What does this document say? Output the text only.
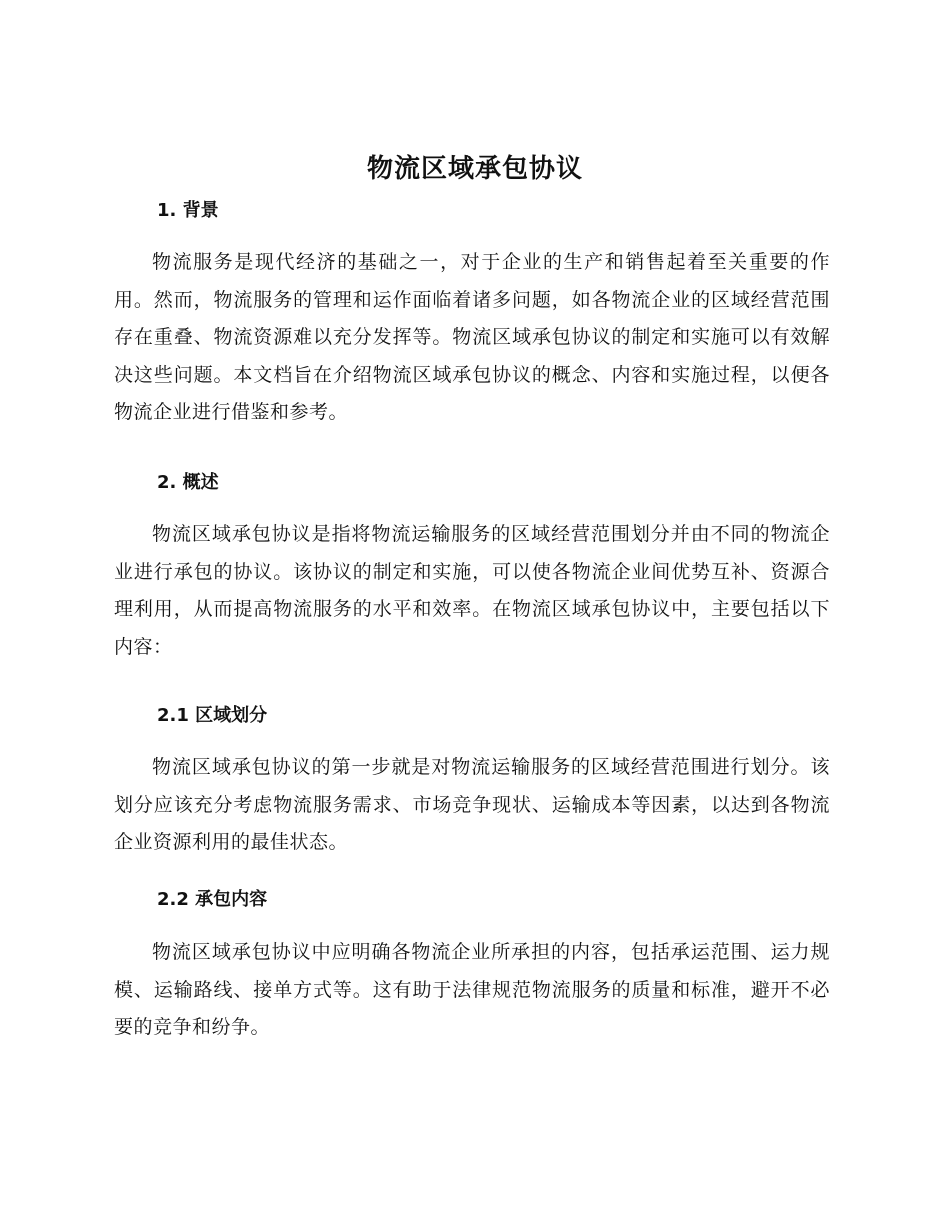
物流区域承包协议
1. 背景

物流服务是现代经济的基础之一，对于企业的生产和销售起着至关重要的作用。然而，物流服务的管理和运作面临着诸多问题，如各物流企业的区域经营范围存在重叠、物流资源难以充分发挥等。物流区域承包协议的制定和实施可以有效解决这些问题。本文档旨在介绍物流区域承包协议的概念、内容和实施过程，以便各物流企业进行借鉴和参考。

2. 概述

物流区域承包协议是指将物流运输服务的区域经营范围划分并由不同的物流企业进行承包的协议。该协议的制定和实施，可以使各物流企业间优势互补、资源合理利用，从而提高物流服务的水平和效率。在物流区域承包协议中，主要包括以下内容：

2.1 区域划分

物流区域承包协议的第一步就是对物流运输服务的区域经营范围进行划分。该划分应该充分考虑物流服务需求、市场竞争现状、运输成本等因素，以达到各物流企业资源利用的最佳状态。

2.2 承包内容

物流区域承包协议中应明确各物流企业所承担的内容，包括承运范围、运力规模、运输路线、接单方式等。这有助于法律规范物流服务的质量和标准，避开不必要的竞争和纷争。
